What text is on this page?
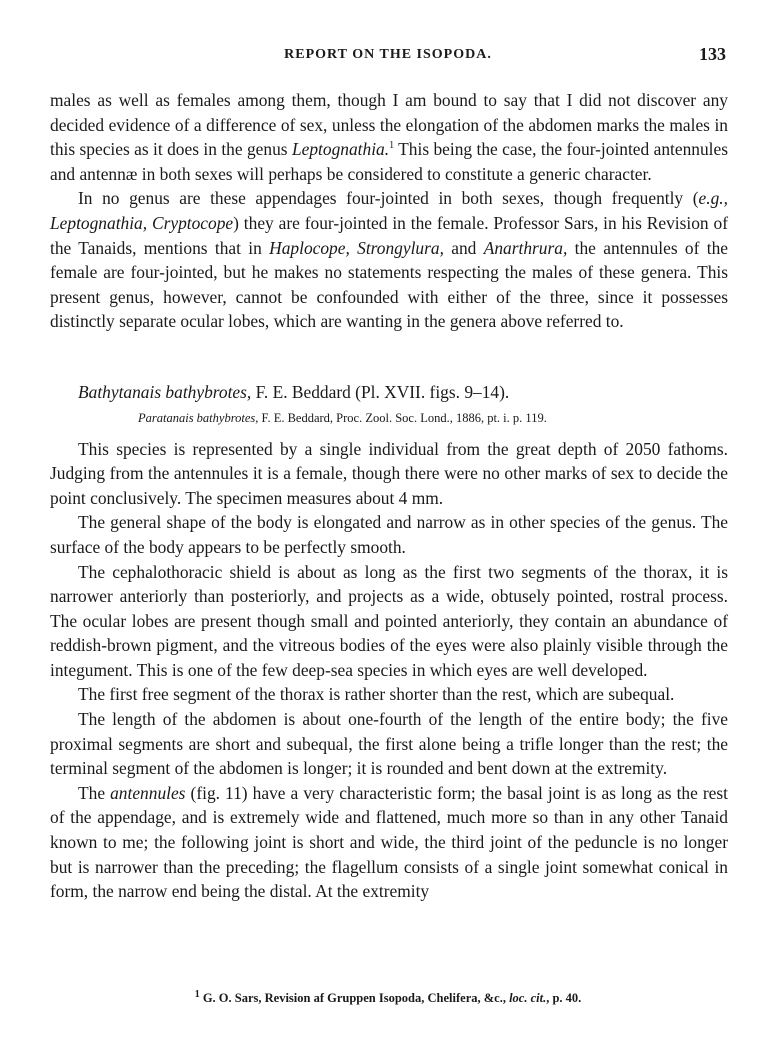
REPORT ON THE ISOPODA.	133

males as well as females among them, though I am bound to say that I did not discover any decided evidence of a difference of sex, unless the elongation of the abdomen marks the males in this species as it does in the genus Leptognathia.$^1$ This being the case, the four-jointed antennules and antennæ in both sexes will perhaps be considered to constitute a generic character.

In no genus are these appendages four-jointed in both sexes, though frequently (e.g., Leptognathia, Cryptocope) they are four-jointed in the female. Professor Sars, in his Revision of the Tanaids, mentions that in Haplocope, Strongylura, and Anarthrura, the antennules of the female are four-jointed, but he makes no statements respecting the males of these genera. This present genus, however, cannot be confounded with either of the three, since it possesses distinctly separate ocular lobes, which are wanting in the genera above referred to.

Bathytanais bathybrotes, F. E. Beddard (Pl. XVII. figs. 9–14).

Paratanais bathybrotes, F. E. Beddard, Proc. Zool. Soc. Lond., 1886, pt. i. p. 119.

This species is represented by a single individual from the great depth of 2050 fathoms. Judging from the antennules it is a female, though there were no other marks of sex to decide the point conclusively. The specimen measures about 4 mm.

The general shape of the body is elongated and narrow as in other species of the genus. The surface of the body appears to be perfectly smooth.

The cephalothoracic shield is about as long as the first two segments of the thorax, it is narrower anteriorly than posteriorly, and projects as a wide, obtusely pointed, rostral process. The ocular lobes are present though small and pointed anteriorly, they contain an abundance of reddish-brown pigment, and the vitreous bodies of the eyes were also plainly visible through the integument. This is one of the few deep-sea species in which eyes are well developed.

The first free segment of the thorax is rather shorter than the rest, which are subequal.

The length of the abdomen is about one-fourth of the length of the entire body; the five proximal segments are short and subequal, the first alone being a trifle longer than the rest; the terminal segment of the abdomen is longer; it is rounded and bent down at the extremity.

The antennules (fig. 11) have a very characteristic form; the basal joint is as long as the rest of the appendage, and is extremely wide and flattened, much more so than in any other Tanaid known to me; the following joint is short and wide, the third joint of the peduncle is no longer but is narrower than the preceding; the flagellum consists of a single joint somewhat conical in form, the narrow end being the distal. At the extremity

$^1$ G. O. Sars, Revision af Gruppen Isopoda, Chelifera, &c., loc. cit., p. 40.
